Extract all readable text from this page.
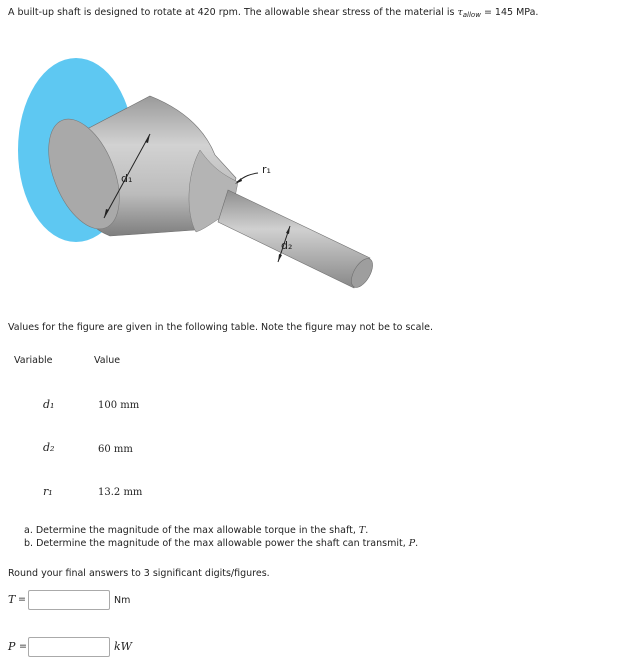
A built-up shaft is designed to rotate at 420 rpm. The allowable shear stress of the material is $\tau_{allow} = 145$ MPa.
d₁
d₂
r₁
Values for the figure are given in the following table. Note the figure may not be to scale.
Variable	Value
d₁	100 mm
d₂	60 mm
r₁	13.2 mm
a. Determine the magnitude of the max allowable torque in the shaft, T.
b. Determine the magnitude of the max allowable power the shaft can transmit, P.
Round your final answers to 3 significant digits/figures.
T =	Nm
P =	kW
